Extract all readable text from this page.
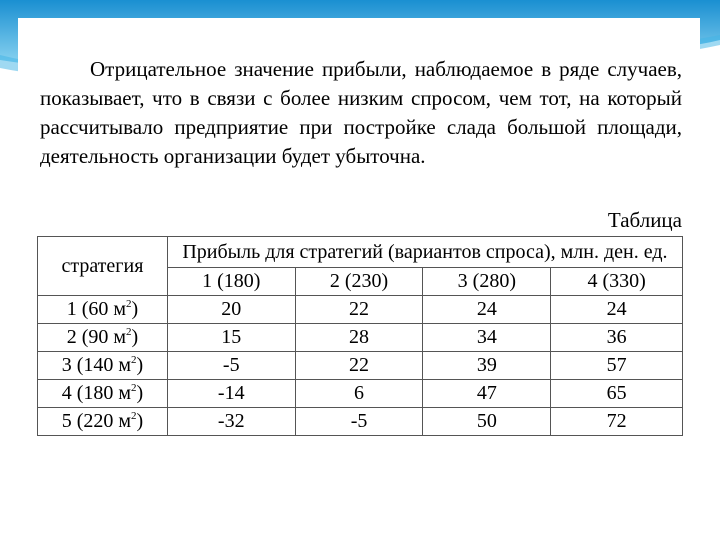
Отрицательное значение прибыли, наблюдаемое в ряде случаев, показывает, что в связи с более низким спросом, чем тот, на который рассчитывало предприятие при постройке слада большой площади, деятельность организации будет убыточна.
Таблица
стратегия	Прибыль для стратегий (вариантов спроса), млн. ден. ед.			
	1 (180)	2 (230)	3 (280)	4 (330)
1 (60 $м^2$)	20	22	24	24
2 (90 $м^2$)	15	28	34	36
3 (140 $м^2$)	-5	22	39	57
4 (180 $м^2$)	-14	6	47	65
5 (220 $м^2$)	-32	-5	50	72
